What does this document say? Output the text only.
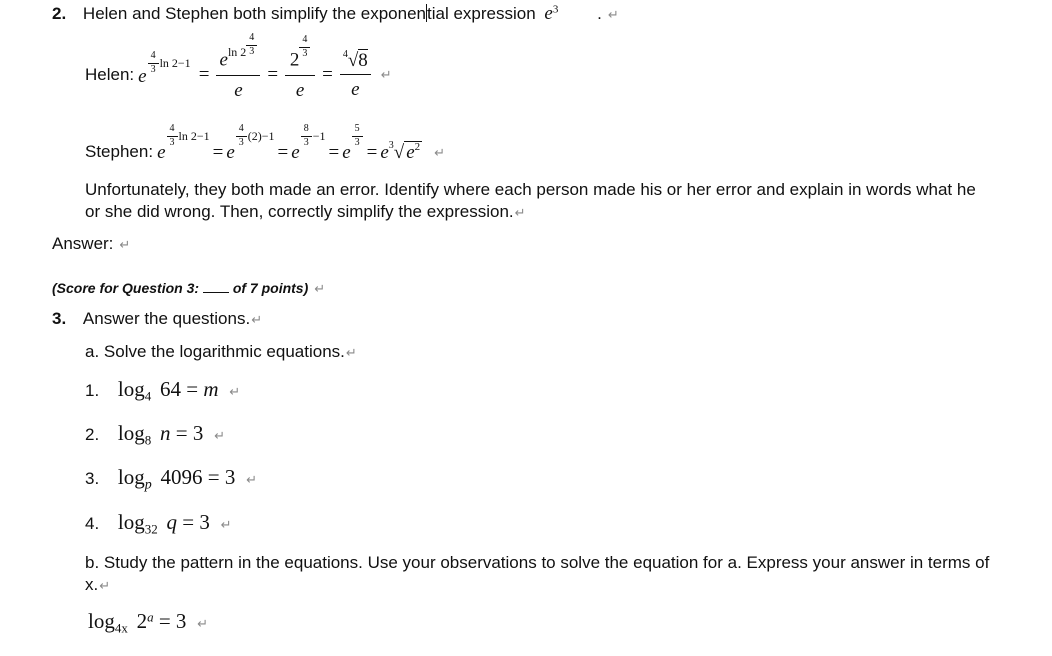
2. Helen and Stephen both simplify the exponential expression $e^3$ . ↵
Helen: e
$\frac{4}{3}$ ln 2−1
= $\frac{e^{ln 2} \frac{4}{3}}{e} = 2$
$\frac{4}{3}$
$e = \frac{^4√8}{e}$ ↵
Stephen: e
$\frac{4}{3}$ ln 2−1
= e
$\frac{4}{3} (2)-1$
= e
$\frac{8}{3} -1$
= e
$\frac{5}{3}$
= e $^3$√ $e^2$ ↵
Unfortunately, they both made an error. Identify where each person made his or her error and explain in words what he or she did wrong. Then, correctly simplify the expression.↵
Answer: ↵
(Score for Question 3: of 7 points) ↵
3. Answer the questions.↵
a. Solve the logarithmic equations.↵
1. $\log_4 64 = m$ ↵
2. $\log_8 n = 3$ ↵
3. $\log_p 4096 = 3$ ↵
4. $\log_{32} q = 3$ ↵
b. Study the pattern in the equations. Use your observations to solve the equation for a. Express your answer in terms of x.↵
$\log_{4x} 2^a = 3$ ↵
